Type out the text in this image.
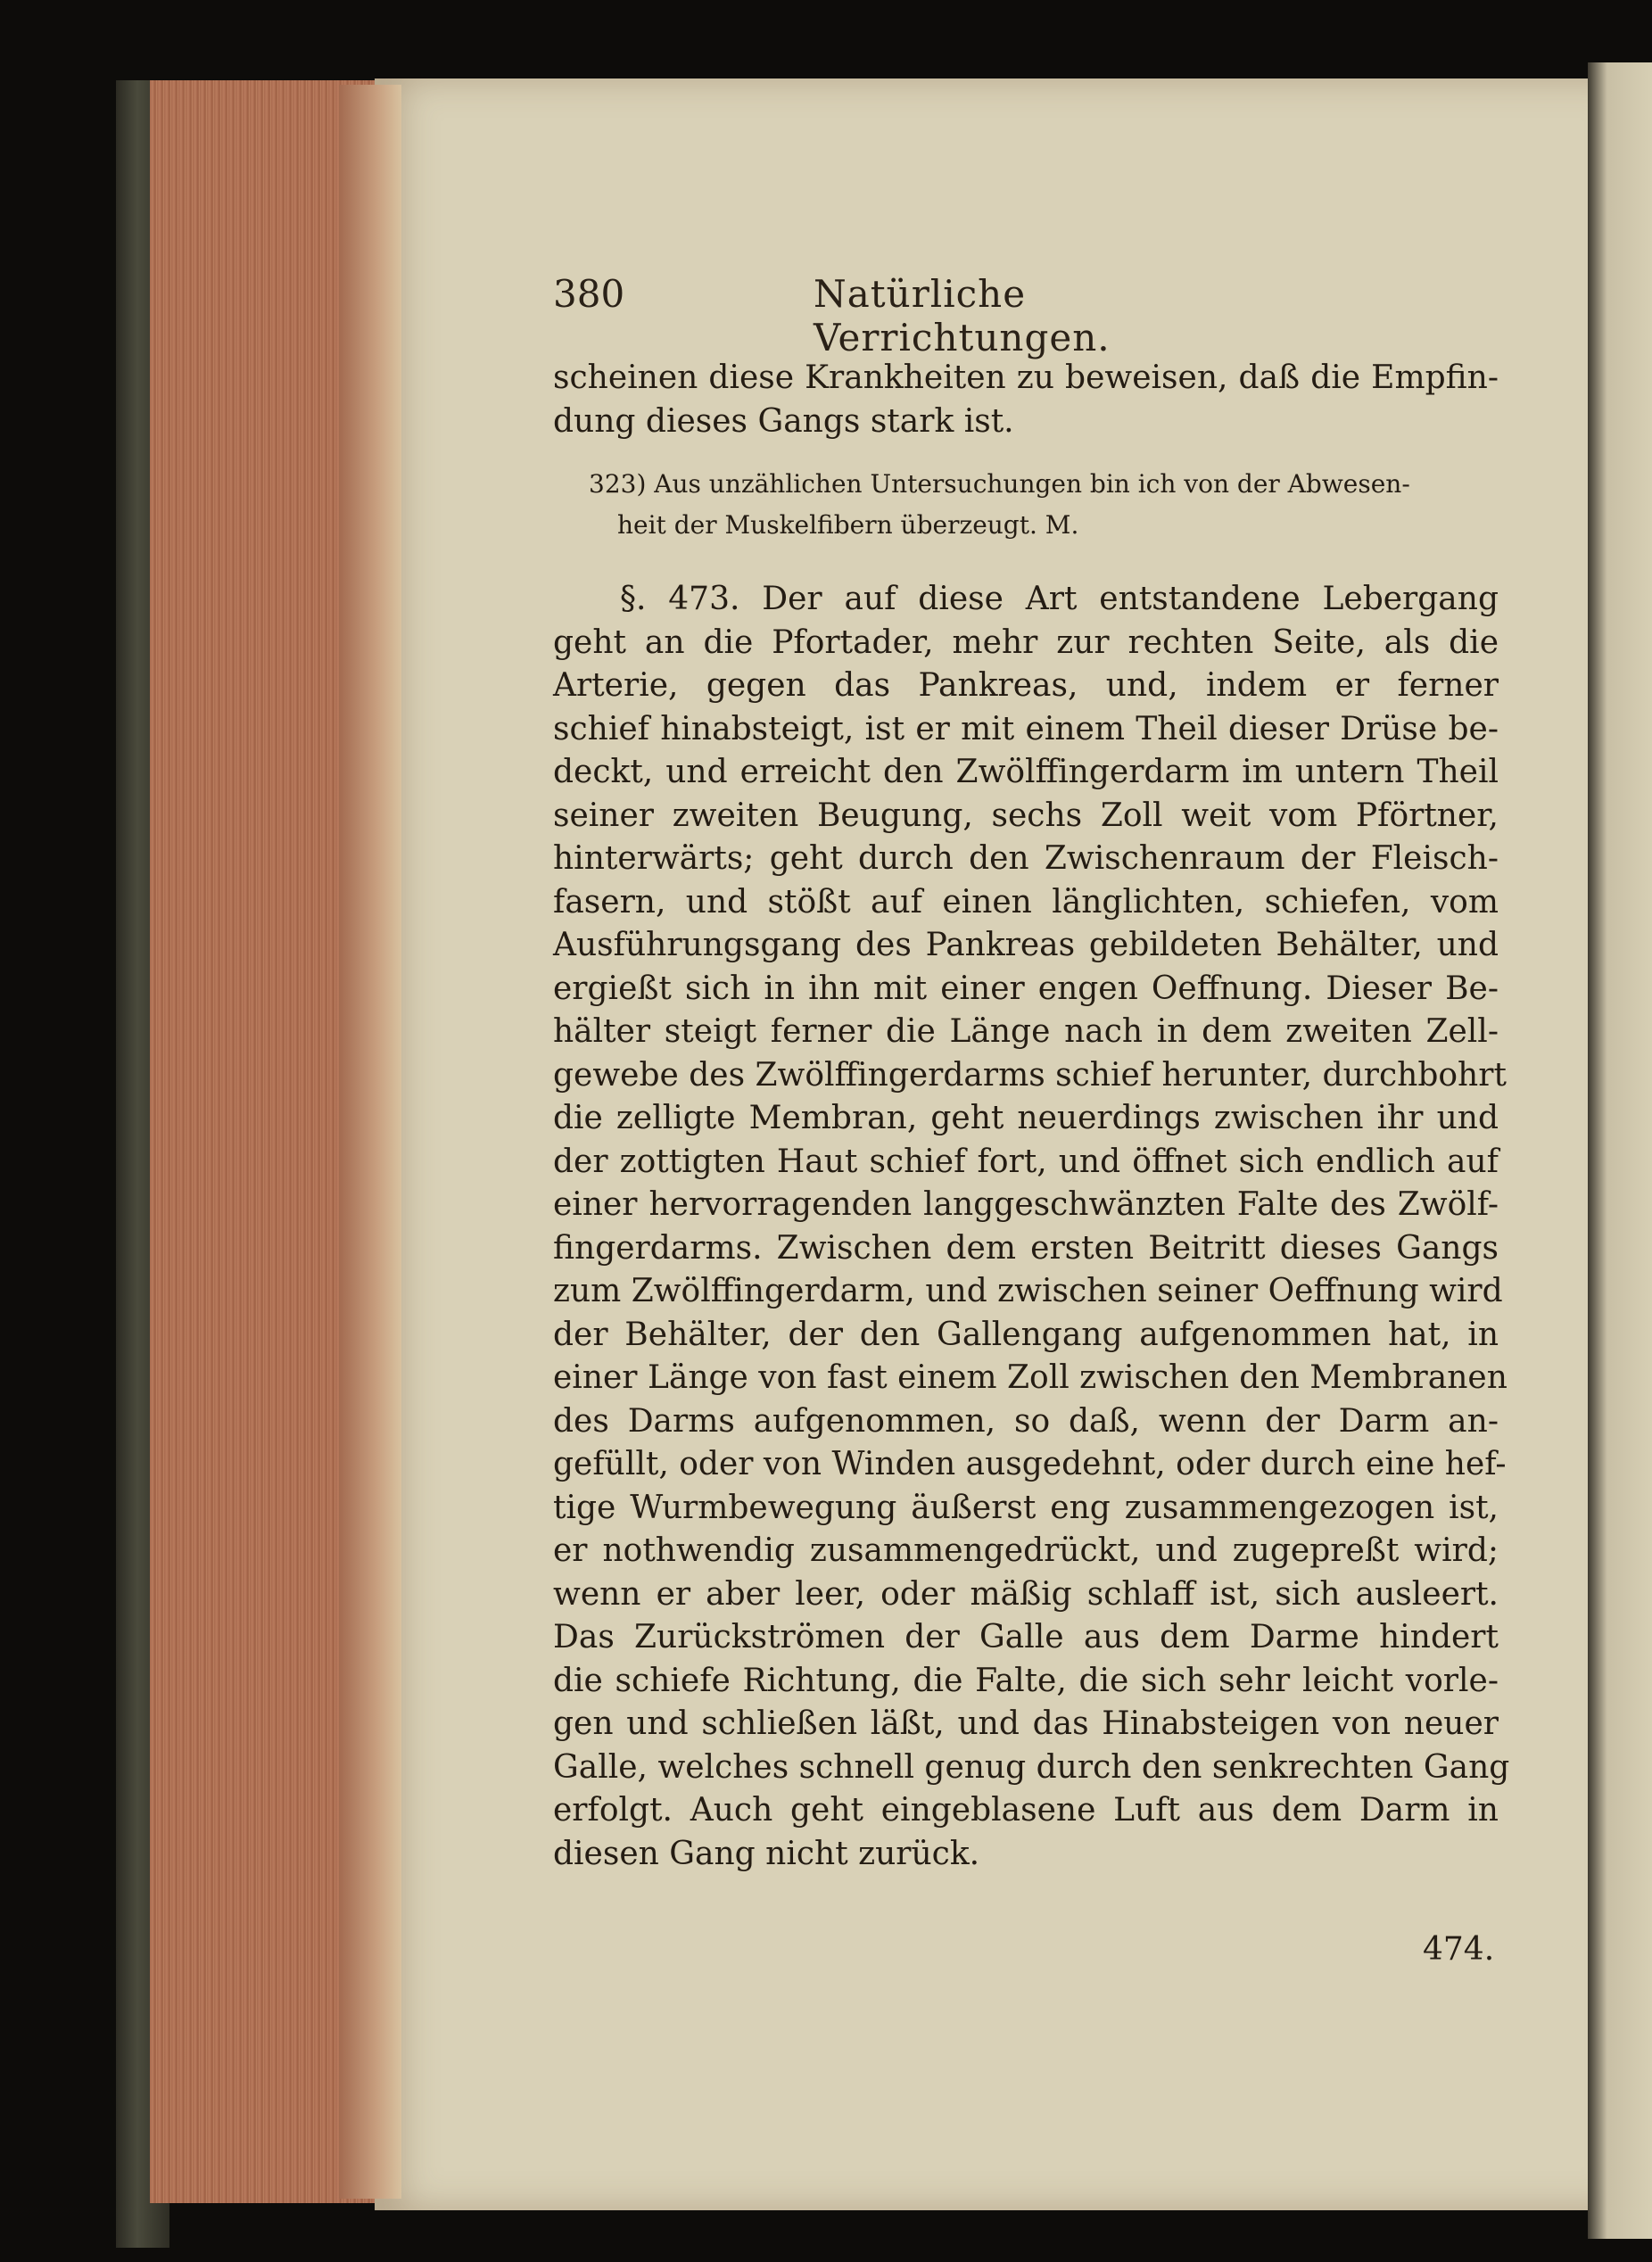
380	Natürliche Verrichtungen.
scheinen diese Krankheiten zu beweisen, daß die Empfin-
dung dieses Gangs stark ist.
323) Aus unzählichen Untersuchungen bin ich von der Abwesen-
heit der Muskelfibern überzeugt. M.
§. 473. Der auf diese Art entstandene Lebergang
geht an die Pfortader, mehr zur rechten Seite, als die
Arterie, gegen das Pankreas, und, indem er ferner
schief hinabsteigt, ist er mit einem Theil dieser Drüse be-
deckt, und erreicht den Zwölffingerdarm im untern Theil
seiner zweiten Beugung, sechs Zoll weit vom Pförtner,
hinterwärts; geht durch den Zwischenraum der Fleisch-
fasern, und stößt auf einen länglichten, schiefen, vom
Ausführungsgang des Pankreas gebildeten Behälter, und
ergießt sich in ihn mit einer engen Oeffnung. Dieser Be-
hälter steigt ferner die Länge nach in dem zweiten Zell-
gewebe des Zwölffingerdarms schief herunter, durchbohrt
die zelligte Membran, geht neuerdings zwischen ihr und
der zottigten Haut schief fort, und öffnet sich endlich auf
einer hervorragenden langgeschwänzten Falte des Zwölf-
fingerdarms. Zwischen dem ersten Beitritt dieses Gangs
zum Zwölffingerdarm, und zwischen seiner Oeffnung wird
der Behälter, der den Gallengang aufgenommen hat, in
einer Länge von fast einem Zoll zwischen den Membranen
des Darms aufgenommen, so daß, wenn der Darm an-
gefüllt, oder von Winden ausgedehnt, oder durch eine hef-
tige Wurmbewegung äußerst eng zusammengezogen ist,
er nothwendig zusammengedrückt, und zugepreßt wird;
wenn er aber leer, oder mäßig schlaff ist, sich ausleert.
Das Zurückströmen der Galle aus dem Darme hindert
die schiefe Richtung, die Falte, die sich sehr leicht vorle-
gen und schließen läßt, und das Hinabsteigen von neuer
Galle, welches schnell genug durch den senkrechten Gang
erfolgt. Auch geht eingeblasene Luft aus dem Darm in
diesen Gang nicht zurück.
474.
